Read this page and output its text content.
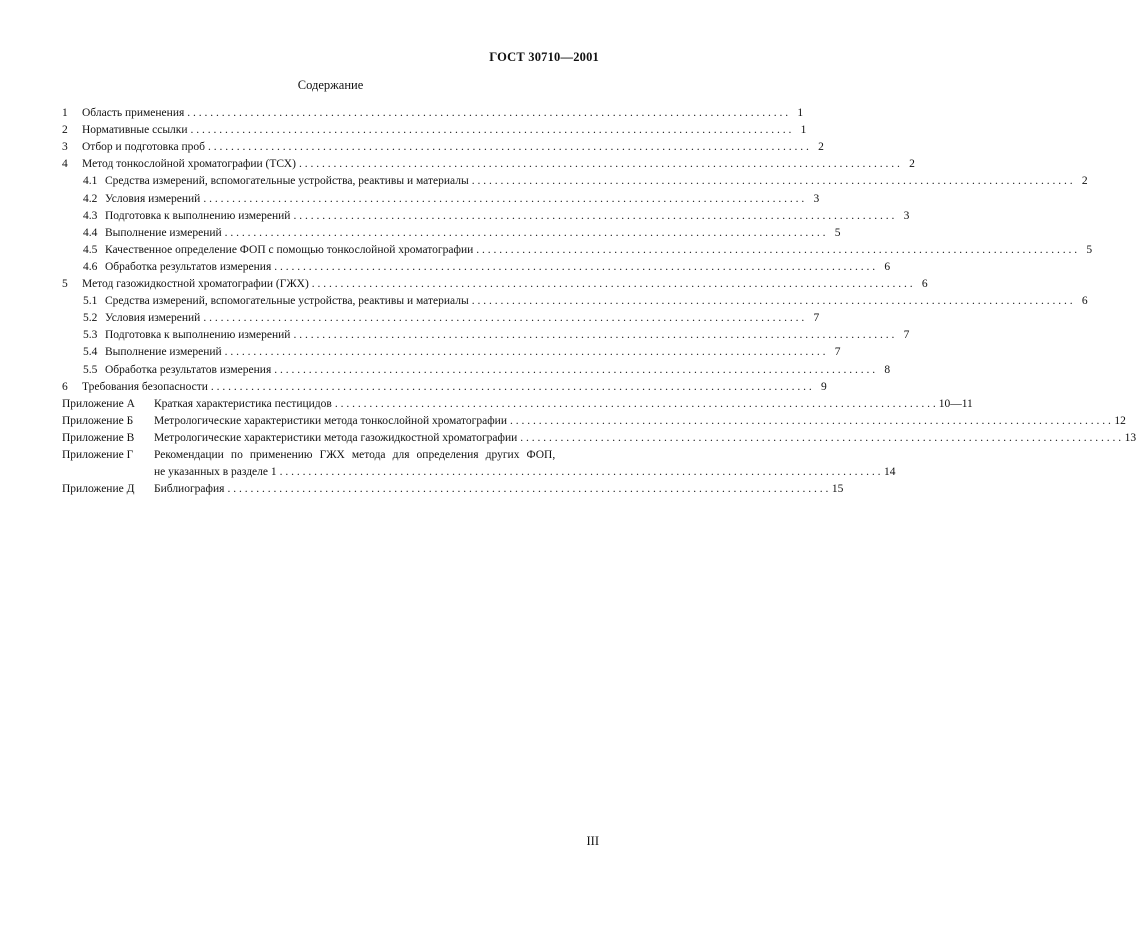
ГОСТ 30710—2001
Содержание
1	Область применения . . .	1
2	Нормативные ссылки . . .	1
3	Отбор и подготовка проб . . .	2
4	Метод тонкослойной хроматографии (ТСХ) . . .	2
4.1 Средства измерений, вспомогательные устройства, реактивы и материалы . . .	2
4.2 Условия измерений . . .	3
4.3 Подготовка к выполнению измерений . . .	3
4.4 Выполнение измерений . . .	5
4.5 Качественное определение ФОП с помощью тонкослойной хроматографии . . .	5
4.6 Обработка результатов измерения . . .	6
5	Метод газожидкостной хроматографии (ГЖХ) . . .	6
5.1 Средства измерений, вспомогательные устройства, реактивы и материалы . . .	6
5.2 Условия измерений . . .	7
5.3 Подготовка к выполнению измерений . . .	7
5.4 Выполнение измерений . . .	7
5.5 Обработка результатов измерения . . .	8
6	Требования безопасности . . .	9
Приложение А	Краткая характеристика пестицидов . . .	10—11
Приложение Б	Метрологические характеристики метода тонкослойной хроматографии . . .	12
Приложение В	Метрологические характеристики метода газожидкостной хроматографии . . .	13
Приложение Г	Рекомендации по применению ГЖХ метода для определения других ФОП,
не указанных в разделе 1 . . .	14
Приложение Д	Библиография . . .	15
III
